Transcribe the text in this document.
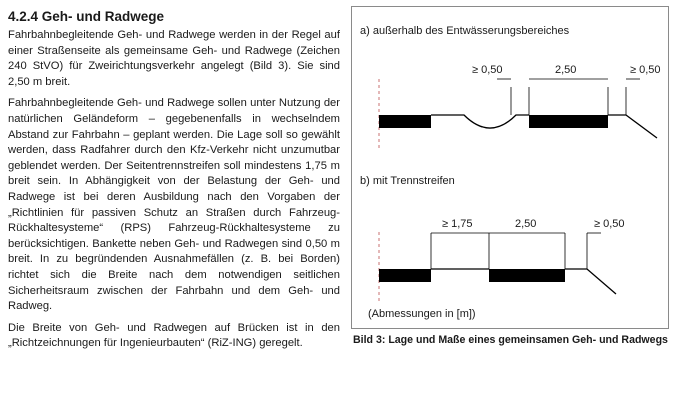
4.2.4 Geh- und Radwege

Fahrbahnbegleitende Geh- und Radwege werden in der Regel auf einer Straßenseite als gemeinsame Geh- und Radwege (Zeichen 240 StVO) für Zweirichtungsverkehr angelegt (Bild 3). Sie sind 2,50 m breit.

Fahrbahnbegleitende Geh- und Radwege sollen unter Nutzung der natürlichen Geländeform – gegebenenfalls in wechselndem Abstand zur Fahrbahn – geplant werden. Die Lage soll so gewählt werden, dass Radfahrer durch den Kfz-Verkehr nicht unzumutbar geblendet werden. Der Seitentrennstreifen soll mindestens 1,75 m breit sein. In Abhängigkeit von der Belastung der Geh- und Radwege ist bei deren Ausbildung nach den Vorgaben der „Richtlinien für passiven Schutz an Straßen durch Fahrzeug-Rückhaltesysteme“ (RPS) Fahrzeug-Rückhaltesysteme zu berücksichtigen. Bankette neben Geh- und Radwegen sind 0,50 m breit. In zu begründenden Ausnahmefällen (z. B. bei Borden) richtet sich die Breite nach dem notwendigen seitlichen Sicherheitsraum zwischen der Fahrbahn und dem Geh- und Radweg.

Die Breite von Geh- und Radwegen auf Brücken ist in den „Richtzeichnungen für Ingenieurbauten“ (RiZ-ING) geregelt.

a) außerhalb des Entwässerungsbereiches
≥ 0,50	2,50	≥ 0,50
≥ 1,75	2,50	≥ 0,50
b) mit Trennstreifen
(Abmessungen in [m])
Bild 3: Lage und Maße eines gemeinsamen Geh- und Radwegs
